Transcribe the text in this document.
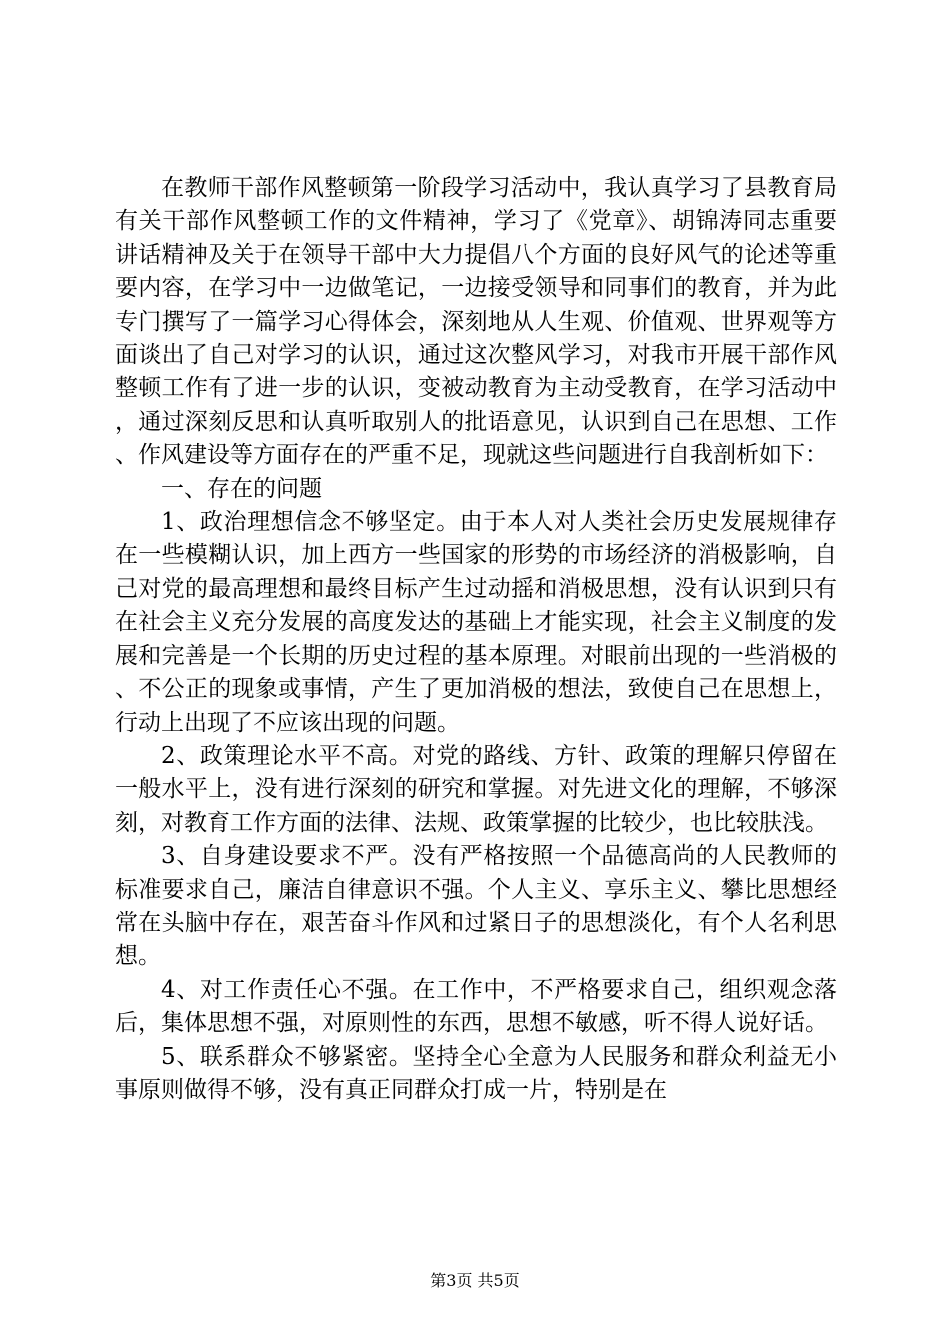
在教师干部作风整顿第一阶段学习活动中，我认真学习了县教育局有关干部作风整顿工作的文件精神，学习了《党章》、胡锦涛同志重要讲话精神及关于在领导干部中大力提倡八个方面的良好风气的论述等重要内容，在学习中一边做笔记，一边接受领导和同事们的教育，并为此专门撰写了一篇学习心得体会，深刻地从人生观、价值观、世界观等方面谈出了自己对学习的认识，通过这次整风学习，对我市开展干部作风整顿工作有了进一步的认识，变被动教育为主动受教育，在学习活动中，通过深刻反思和认真听取别人的批语意见，认识到自己在思想、工作、作风建设等方面存在的严重不足，现就这些问题进行自我剖析如下：

一、存在的问题

1、政治理想信念不够坚定。由于本人对人类社会历史发展规律存在一些模糊认识，加上西方一些国家的形势的市场经济的消极影响，自己对党的最高理想和最终目标产生过动摇和消极思想，没有认识到只有在社会主义充分发展的高度发达的基础上才能实现，社会主义制度的发展和完善是一个长期的历史过程的基本原理。对眼前出现的一些消极的、不公正的现象或事情，产生了更加消极的想法，致使自己在思想上，行动上出现了不应该出现的问题。

2、政策理论水平不高。对党的路线、方针、政策的理解只停留在一般水平上，没有进行深刻的研究和掌握。对先进文化的理解，不够深刻，对教育工作方面的法律、法规、政策掌握的比较少，也比较肤浅。

3、自身建设要求不严。没有严格按照一个品德高尚的人民教师的标准要求自己，廉洁自律意识不强。个人主义、享乐主义、攀比思想经常在头脑中存在，艰苦奋斗作风和过紧日子的思想淡化，有个人名利思想。

4、对工作责任心不强。在工作中，不严格要求自己，组织观念落后，集体思想不强，对原则性的东西，思想不敏感，听不得人说好话。

5、联系群众不够紧密。坚持全心全意为人民服务和群众利益无小事原则做得不够，没有真正同群众打成一片，特别是在

第3页 共5页
